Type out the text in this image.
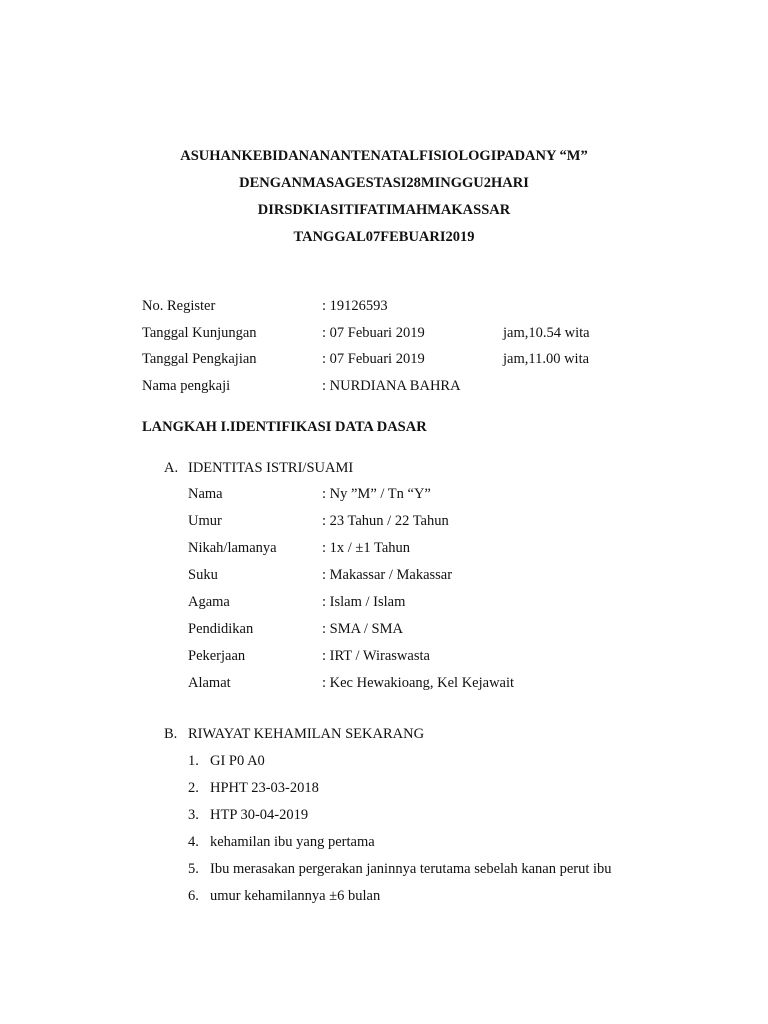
ASUHANKEBIDANANANTENATALFISIOLOGIPADANY “M”
DENGANMASAGESTASI28MINGGU2HARI
DIRSDKIASITIFATIMAHMAKASSAR
TANGGAL07FEBUARI2019
No. Register	: 19126593
Tanggal Kunjungan	: 07 Febuari 2019	jam,10.54 wita
Tanggal Pengkajian	: 07 Febuari 2019	jam,11.00 wita
Nama pengkaji	: NURDIANA BAHRA
LANGKAH I.IDENTIFIKASI DATA DASAR
A. IDENTITAS ISTRI/SUAMI
Nama	: Ny ”M” / Tn “Y”
Umur	: 23 Tahun / 22 Tahun
Nikah/lamanya	: 1x / ±1 Tahun
Suku	: Makassar / Makassar
Agama	: Islam / Islam
Pendidikan	: SMA / SMA
Pekerjaan	: IRT / Wiraswasta
Alamat	: Kec Hewakioang, Kel Kejawait
B. RIWAYAT KEHAMILAN SEKARANG
1. GI P0 A0
2. HPHT 23-03-2018
3. HTP 30-04-2019
4. kehamilan ibu yang pertama
5. Ibu merasakan pergerakan janinnya terutama sebelah kanan perut ibu
6. umur kehamilannya ±6 bulan
